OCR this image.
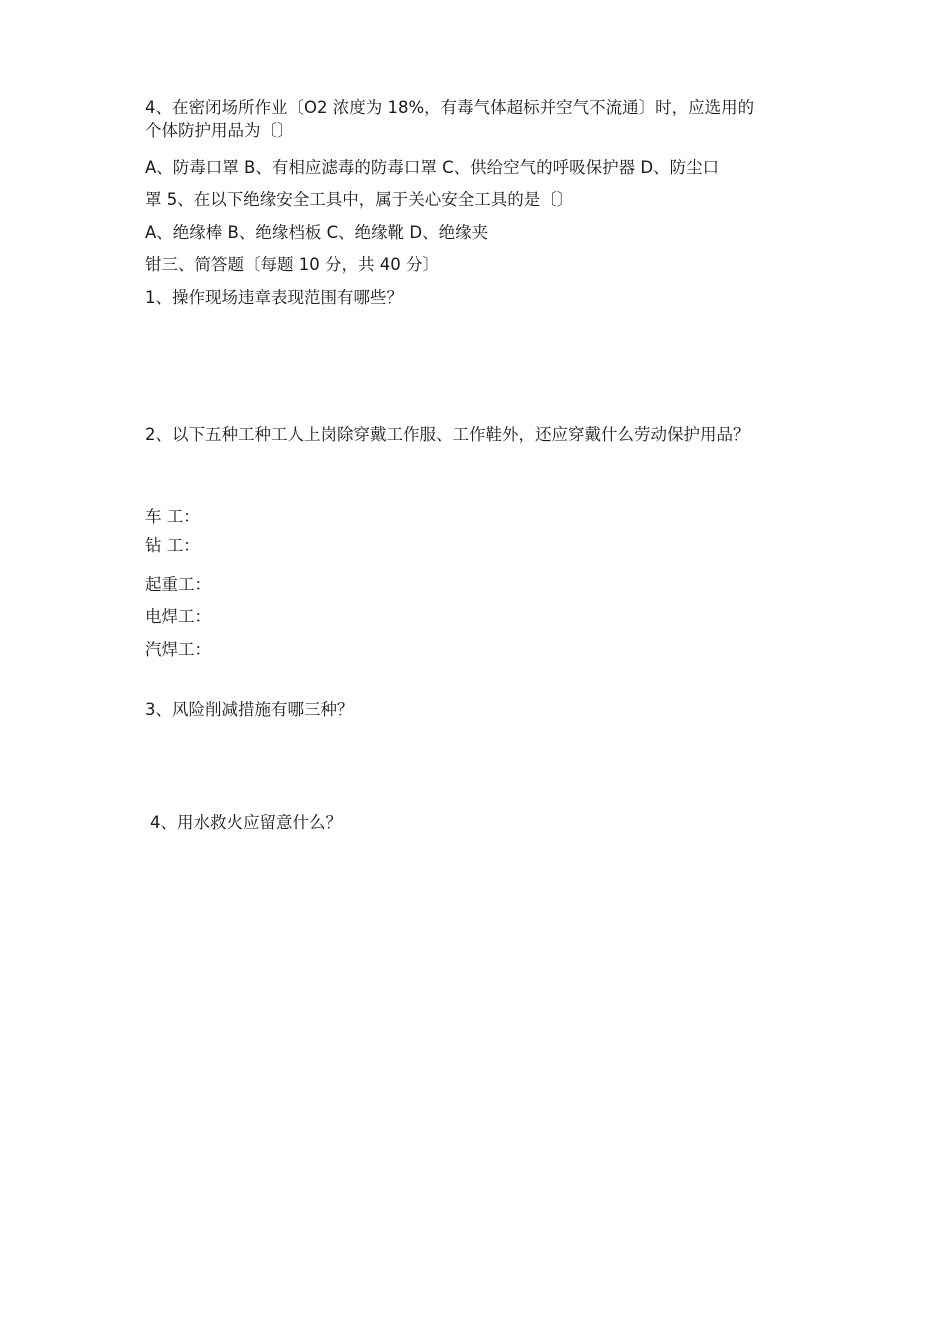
4、在密闭场所作业〔O2 浓度为 18%，有毒气体超标并空气不流通〕时，应选用的
个体防护用品为〔〕
A、防毒口罩 B、有相应滤毒的防毒口罩 C、供给空气的呼吸保护器 D、防尘口
罩 5、在以下绝缘安全工具中，属于关心安全工具的是〔〕
A、绝缘棒 B、绝缘档板 C、绝缘靴 D、绝缘夹
钳三、简答题〔每题 10 分，共 40 分〕
1、操作现场违章表现范围有哪些？
2、以下五种工种工人上岗除穿戴工作服、工作鞋外，还应穿戴什么劳动保护用品？
车 工：
钻 工：
起重工：
电焊工：
汽焊工：
3、风险削减措施有哪三种？
4、用水救火应留意什么？
